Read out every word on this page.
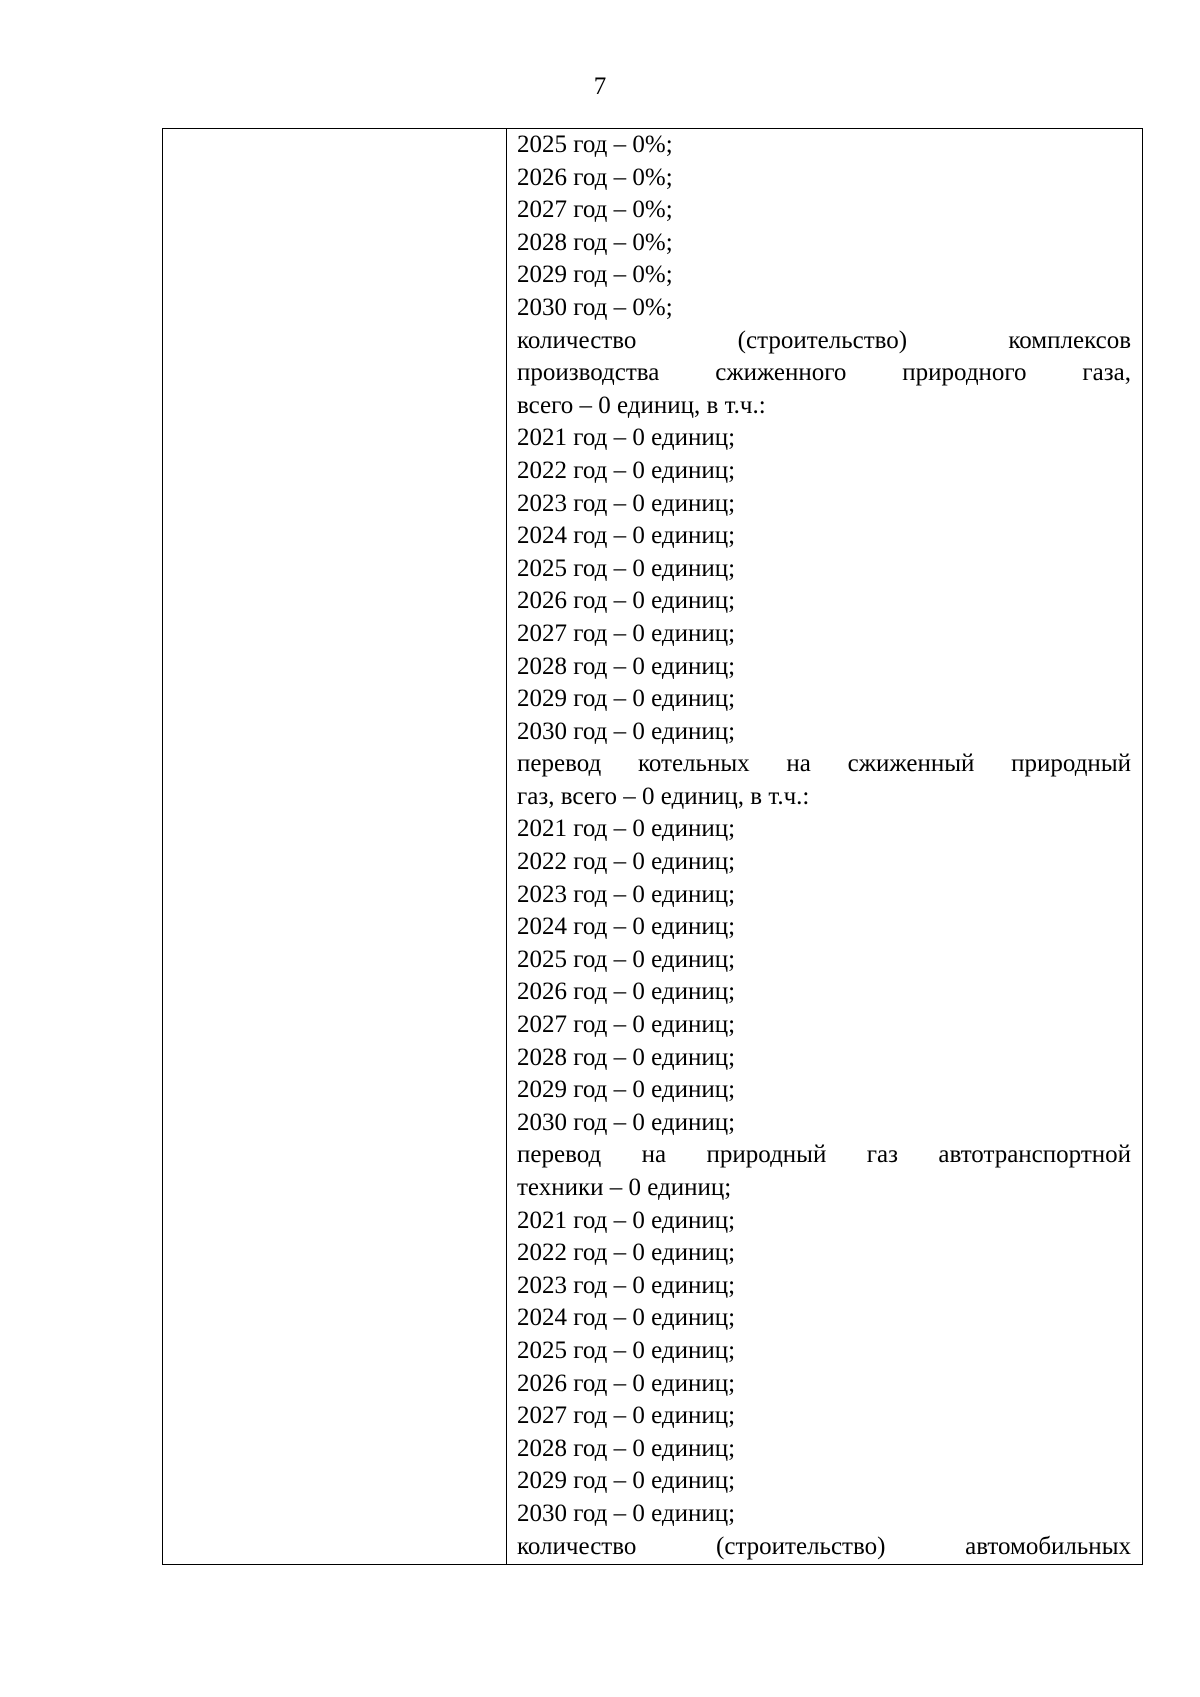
7
2025 год – 0%;
2026 год – 0%;
2027 год – 0%;
2028 год – 0%;
2029 год – 0%;
2030 год – 0%;
количество (строительство) комплексов
производства сжиженного природного газа,
всего – 0 единиц, в т.ч.:
2021 год – 0 единиц;
2022 год – 0 единиц;
2023 год – 0 единиц;
2024 год – 0 единиц;
2025 год – 0 единиц;
2026 год – 0 единиц;
2027 год – 0 единиц;
2028 год – 0 единиц;
2029 год – 0 единиц;
2030 год – 0 единиц;
перевод котельных на сжиженный природный
газ, всего – 0 единиц, в т.ч.:
2021 год – 0 единиц;
2022 год – 0 единиц;
2023 год – 0 единиц;
2024 год – 0 единиц;
2025 год – 0 единиц;
2026 год – 0 единиц;
2027 год – 0 единиц;
2028 год – 0 единиц;
2029 год – 0 единиц;
2030 год – 0 единиц;
перевод на природный газ автотранспортной
техники – 0 единиц;
2021 год – 0 единиц;
2022 год – 0 единиц;
2023 год – 0 единиц;
2024 год – 0 единиц;
2025 год – 0 единиц;
2026 год – 0 единиц;
2027 год – 0 единиц;
2028 год – 0 единиц;
2029 год – 0 единиц;
2030 год – 0 единиц;
количество (строительство) автомобильных
